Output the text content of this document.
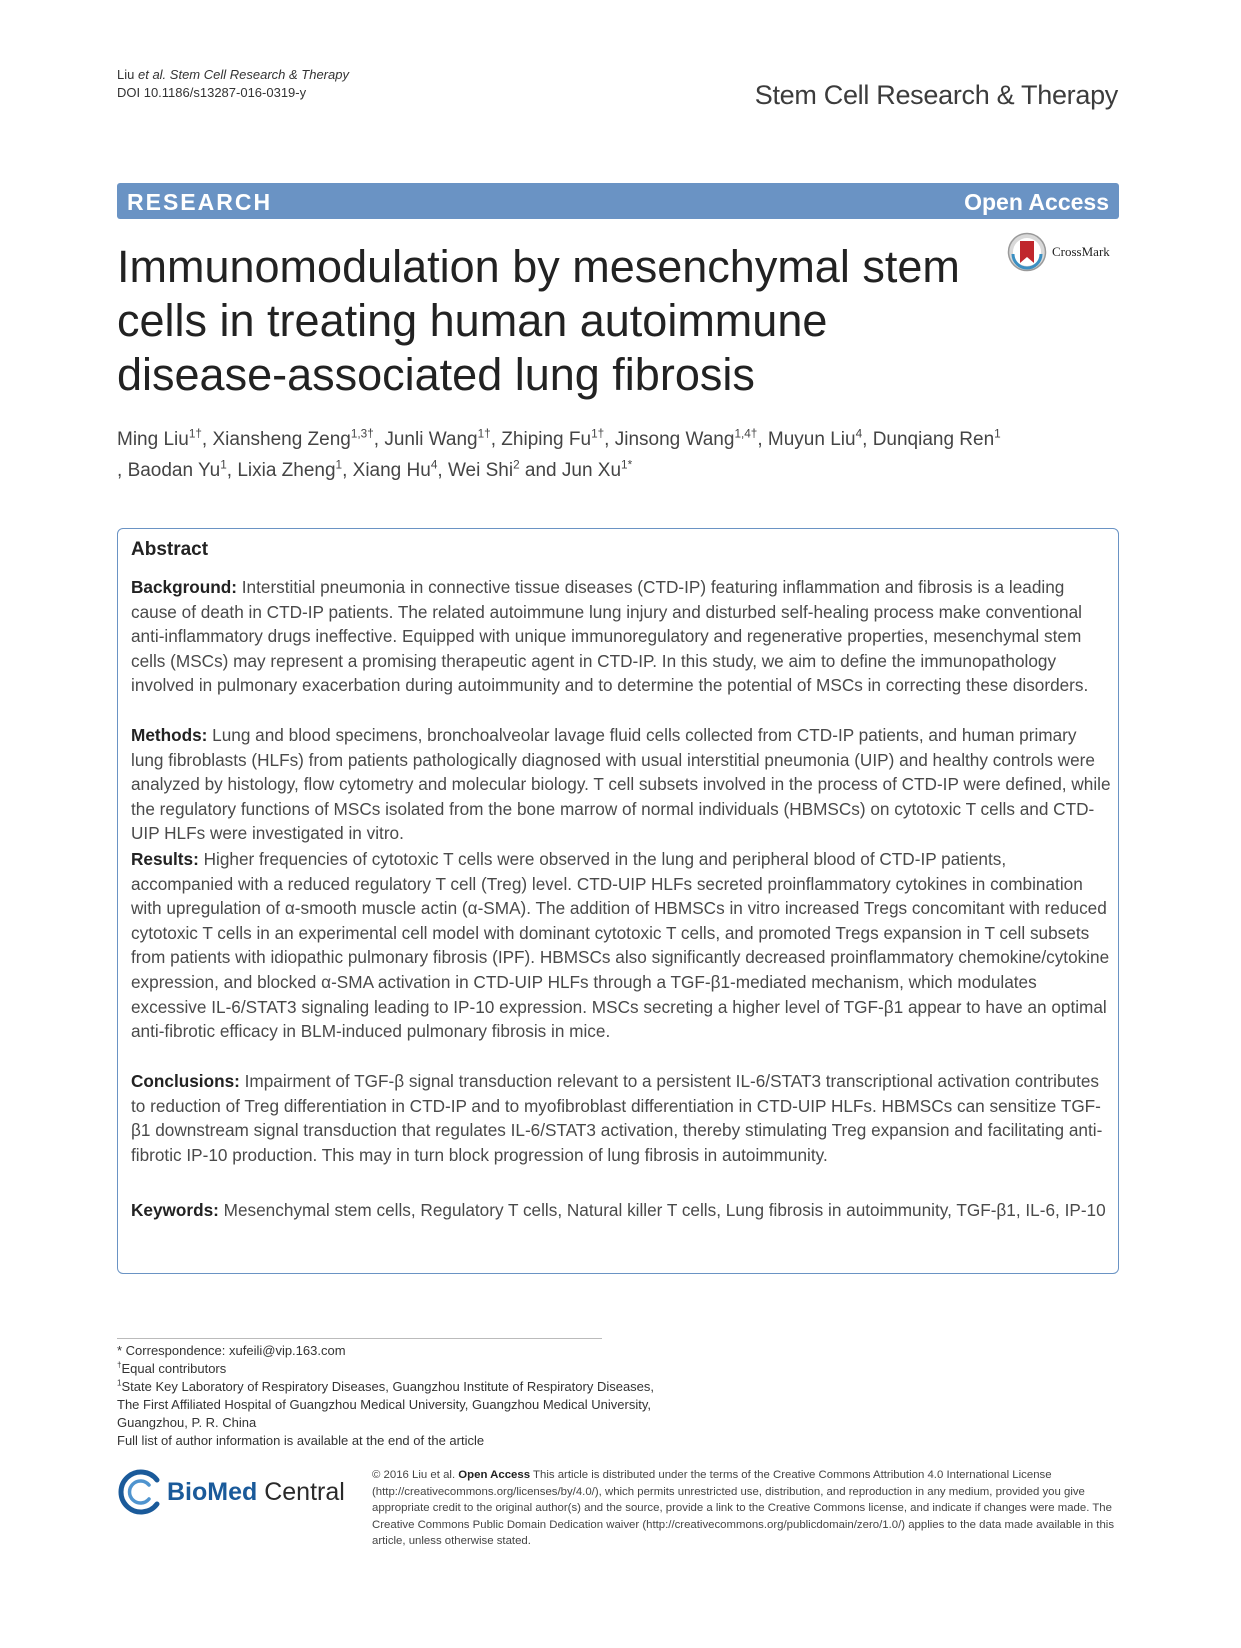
Liu et al. Stem Cell Research & Therapy
DOI 10.1186/s13287-016-0319-y	Stem Cell Research & Therapy
RESEARCH	Open Access
Immunomodulation by mesenchymal stem cells in treating human autoimmune disease-associated lung fibrosis
CrossMark
Ming Liu$^{1\dagger}$, Xiansheng Zeng$^{1,3\dagger}$, Junli Wang$^{1\dagger}$, Zhiping $Fu^{1\dagger}$, Jinsong Wang$^{1,4\dagger}$, Muyun Liu$^4$, Dunqiang Ren$^1$
, Baodan Yu$^1$, Lixia Zheng$^1$, Xiang Hu$^4$, Wei Shi$^2$ and Jun $Xu^{1*}$
Abstract
Background: Interstitial pneumonia in connective tissue diseases (CTD-IP) featuring inflammation and fibrosis is a leading cause of death in CTD-IP patients. The related autoimmune lung injury and disturbed self-healing process make conventional anti-inflammatory drugs ineffective. Equipped with unique immunoregulatory and regenerative properties, mesenchymal stem cells (MSCs) may represent a promising therapeutic agent in CTD-IP. In this study, we aim to define the immunopathology involved in pulmonary exacerbation during autoimmunity and to determine the potential of MSCs in correcting these disorders.
Methods: Lung and blood specimens, bronchoalveolar lavage fluid cells collected from CTD-IP patients, and human primary lung fibroblasts (HLFs) from patients pathologically diagnosed with usual interstitial pneumonia (UIP) and healthy controls were analyzed by histology, flow cytometry and molecular biology. T cell subsets involved in the process of CTD-IP were defined, while the regulatory functions of MSCs isolated from the bone marrow of normal individuals (HBMSCs) on cytotoxic T cells and CTD-UIP HLFs were investigated in vitro.
Results: Higher frequencies of cytotoxic T cells were observed in the lung and peripheral blood of CTD-IP patients, accompanied with a reduced regulatory T cell (Treg) level. CTD-UIP HLFs secreted proinflammatory cytokines in combination with upregulation of α-smooth muscle actin (α-SMA). The addition of HBMSCs in vitro increased Tregs concomitant with reduced cytotoxic T cells in an experimental cell model with dominant cytotoxic T cells, and promoted Tregs expansion in T cell subsets from patients with idiopathic pulmonary fibrosis (IPF). HBMSCs also significantly decreased proinflammatory chemokine/cytokine expression, and blocked α-SMA activation in CTD-UIP HLFs through a TGF-β1-mediated mechanism, which modulates excessive IL-6/STAT3 signaling leading to IP-10 expression. MSCs secreting a higher level of TGF-β1 appear to have an optimal anti-fibrotic efficacy in BLM-induced pulmonary fibrosis in mice.
Conclusions: Impairment of TGF-β signal transduction relevant to a persistent IL-6/STAT3 transcriptional activation contributes to reduction of Treg differentiation in CTD-IP and to myofibroblast differentiation in CTD-UIP HLFs. HBMSCs can sensitize TGF-β1 downstream signal transduction that regulates IL-6/STAT3 activation, thereby stimulating Treg expansion and facilitating anti-fibrotic IP-10 production. This may in turn block progression of lung fibrosis in autoimmunity.
Keywords: Mesenchymal stem cells, Regulatory T cells, Natural killer T cells, Lung fibrosis in autoimmunity, TGF-β1, IL-6, IP-10
* Correspondence: xufeili@vip.163.com
†Equal contributors
$^1$State Key Laboratory of Respiratory Diseases, Guangzhou Institute of Respiratory Diseases, The First Affiliated Hospital of Guangzhou Medical University, Guangzhou Medical University, Guangzhou, P. R. China
Full list of author information is available at the end of the article
BioMed Central
© 2016 Liu et al. Open Access This article is distributed under the terms of the Creative Commons Attribution 4.0 International License (http://creativecommons.org/licenses/by/4.0/), which permits unrestricted use, distribution, and reproduction in any medium, provided you give appropriate credit to the original author(s) and the source, provide a link to the Creative Commons license, and indicate if changes were made. The Creative Commons Public Domain Dedication waiver (http://creativecommons.org/publicdomain/zero/1.0/) applies to the data made available in this article, unless otherwise stated.
